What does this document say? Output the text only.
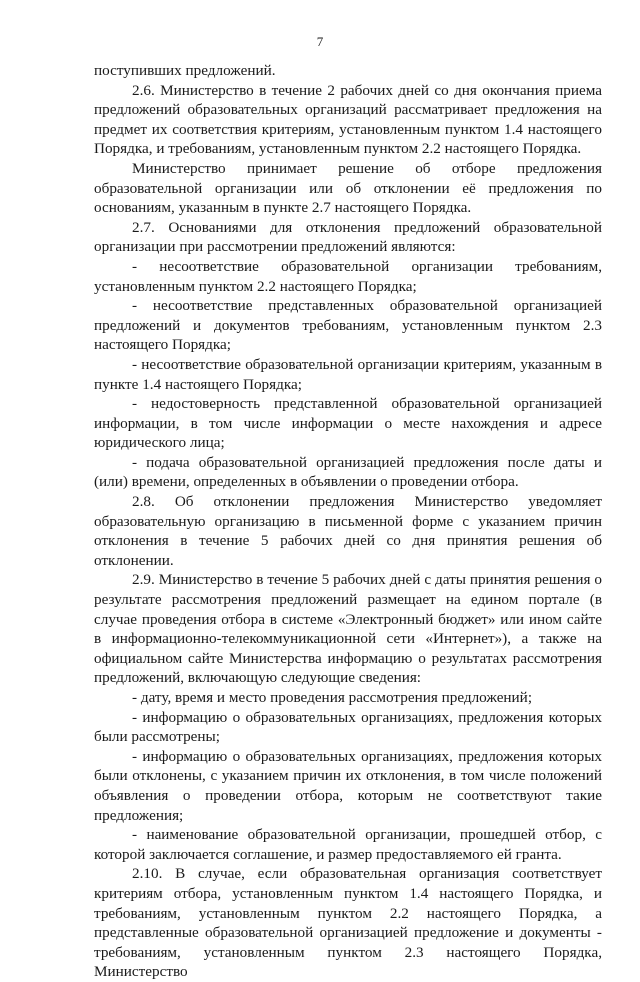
7

поступивших предложений.

2.6. Министерство в течение 2 рабочих дней со дня окончания приема предложений образовательных организаций рассматривает предложения на предмет их соответствия критериям, установленным пунктом 1.4 настоящего Порядка, и требованиям, установленным пунктом 2.2 настоящего Порядка.

Министерство принимает решение об отборе предложения образовательной организации или об отклонении её предложения по основаниям, указанным в пункте 2.7 настоящего Порядка.

2.7. Основаниями для отклонения предложений образовательной организации при рассмотрении предложений являются:

- несоответствие образовательной организации требованиям, установленным пунктом 2.2 настоящего Порядка;

- несоответствие представленных образовательной организацией предложений и документов требованиям, установленным пунктом 2.3 настоящего Порядка;

- несоответствие образовательной организации критериям, указанным в пункте 1.4 настоящего Порядка;

- недостоверность представленной образовательной организацией информации, в том числе информации о месте нахождения и адресе юридического лица;

- подача образовательной организацией предложения после даты и (или) времени, определенных в объявлении о проведении отбора.

2.8. Об отклонении предложения Министерство уведомляет образовательную организацию в письменной форме с указанием причин отклонения в течение 5 рабочих дней со дня принятия решения об отклонении.

2.9. Министерство в течение 5 рабочих дней с даты принятия решения о результате рассмотрения предложений размещает на едином портале (в случае проведения отбора в системе «Электронный бюджет» или ином сайте в информационно-телекоммуникационной сети «Интернет»), а также на официальном сайте Министерства информацию о результатах рассмотрения предложений, включающую следующие сведения:

- дату, время и место проведения рассмотрения предложений;

- информацию о образовательных организациях, предложения которых были рассмотрены;

- информацию о образовательных организациях, предложения которых были отклонены, с указанием причин их отклонения, в том числе положений объявления о проведении отбора, которым не соответствуют такие предложения;

- наименование образовательной организации, прошедшей отбор, с которой заключается соглашение, и размер предоставляемого ей гранта.

2.10. В случае, если образовательная организация соответствует критериям отбора, установленным пунктом 1.4 настоящего Порядка, и требованиям, установленным пунктом 2.2 настоящего Порядка, а представленные образовательной организацией предложение и документы - требованиям, установленным пунктом 2.3 настоящего Порядка, Министерство
